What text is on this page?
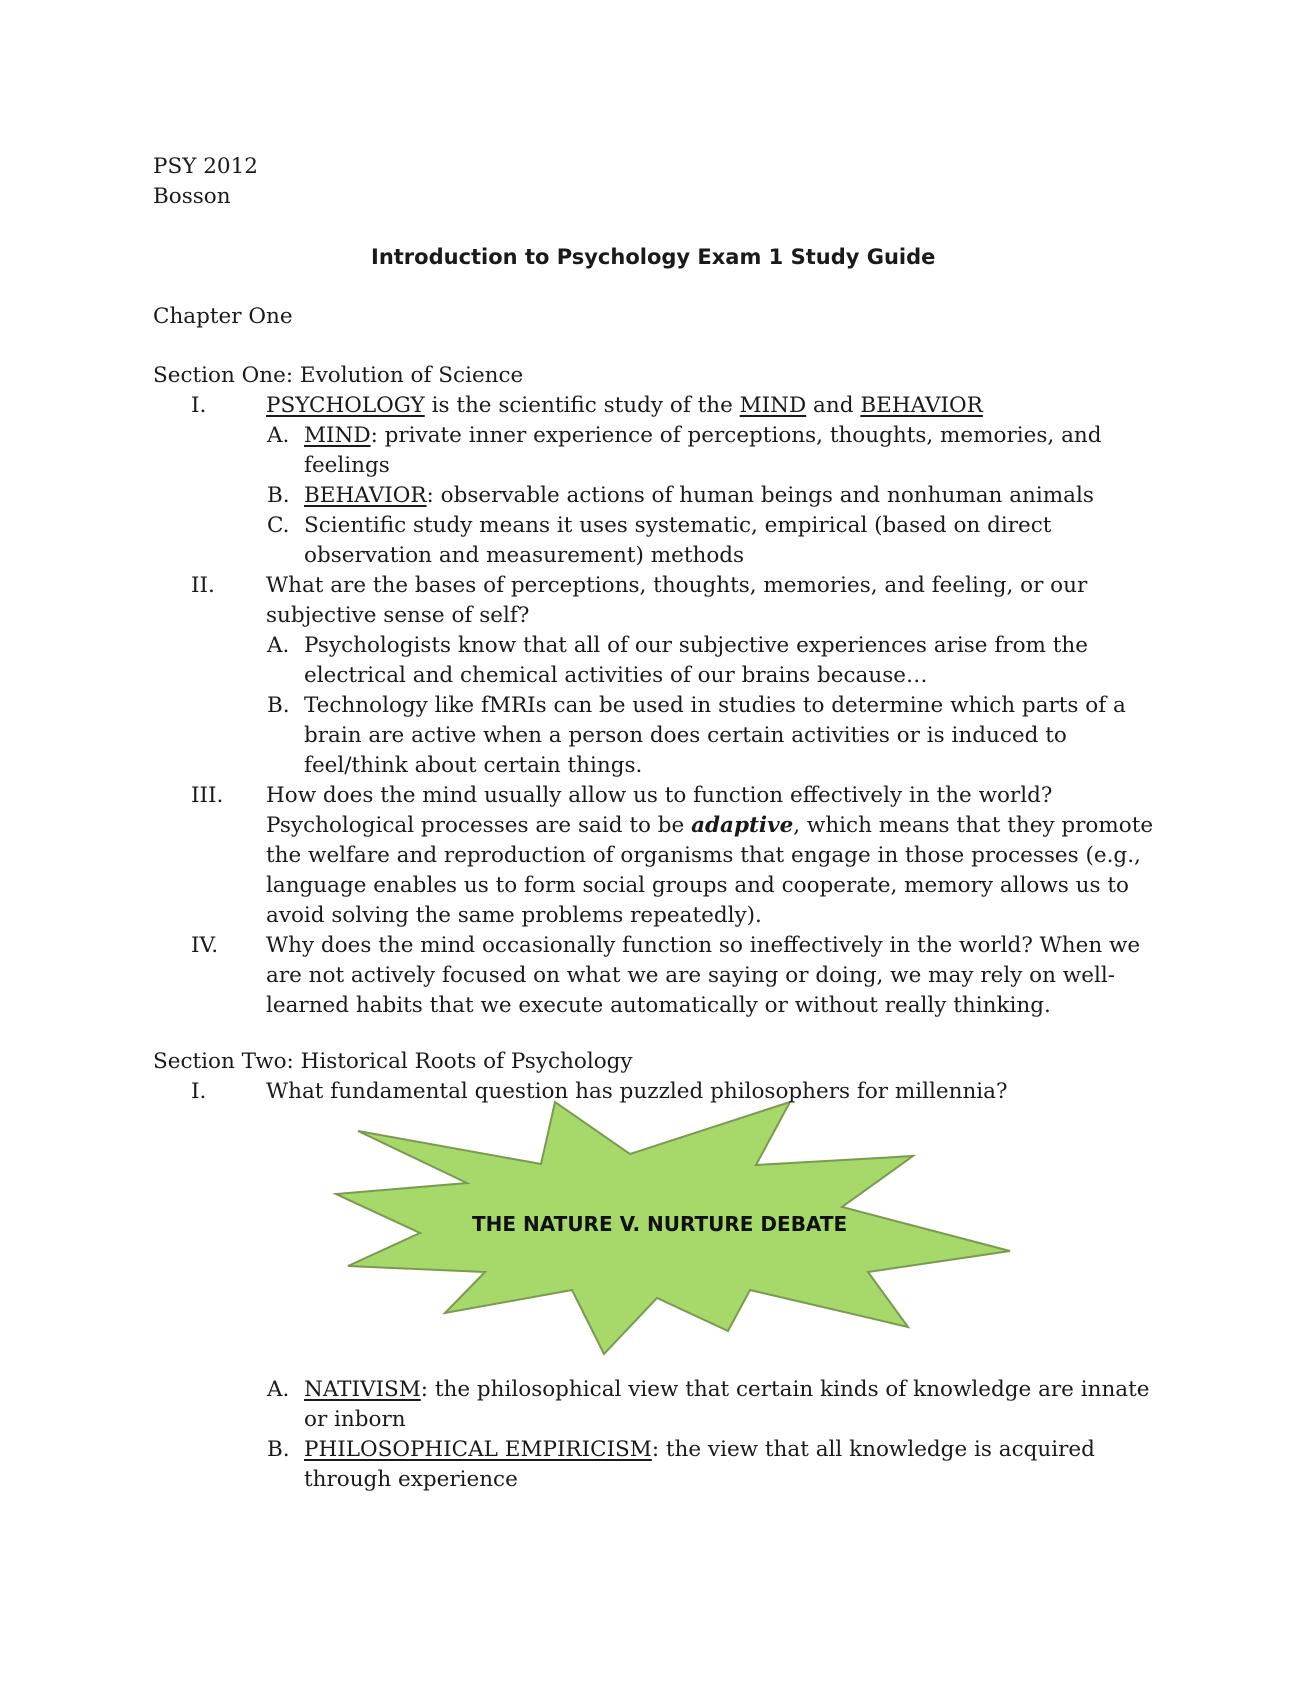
PSY 2012
Bosson
Introduction to Psychology Exam 1 Study Guide
Chapter One
Section One: Evolution of Science
I.	PSYCHOLOGY is the scientific study of the MIND and BEHAVIOR
A. MIND: private inner experience of perceptions, thoughts, memories, and
feelings
B. BEHAVIOR: observable actions of human beings and nonhuman animals
C. Scientific study means it uses systematic, empirical (based on direct
observation and measurement) methods
II. What are the bases of perceptions, thoughts, memories, and feeling, or our
subjective sense of self?
A. Psychologists know that all of our subjective experiences arise from the
electrical and chemical activities of our brains because…
B. Technology like fMRIs can be used in studies to determine which parts of a
brain are active when a person does certain activities or is induced to
feel/think about certain things.
III. How does the mind usually allow us to function effectively in the world?
Psychological processes are said to be adaptive, which means that they promote
the welfare and reproduction of organisms that engage in those processes (e.g.,
language enables us to form social groups and cooperate, memory allows us to
avoid solving the same problems repeatedly).
IV. Why does the mind occasionally function so ineffectively in the world? When we
are not actively focused on what we are saying or doing, we may rely on well-
learned habits that we execute automatically or without really thinking.
Section Two: Historical Roots of Psychology
I.	What fundamental question has puzzled philosophers for millennia?
THE NATURE V. NURTURE DEBATE
A. NATIVISM: the philosophical view that certain kinds of knowledge are innate
or inborn
B. PHILOSOPHICAL EMPIRICISM: the view that all knowledge is acquired
through experience
